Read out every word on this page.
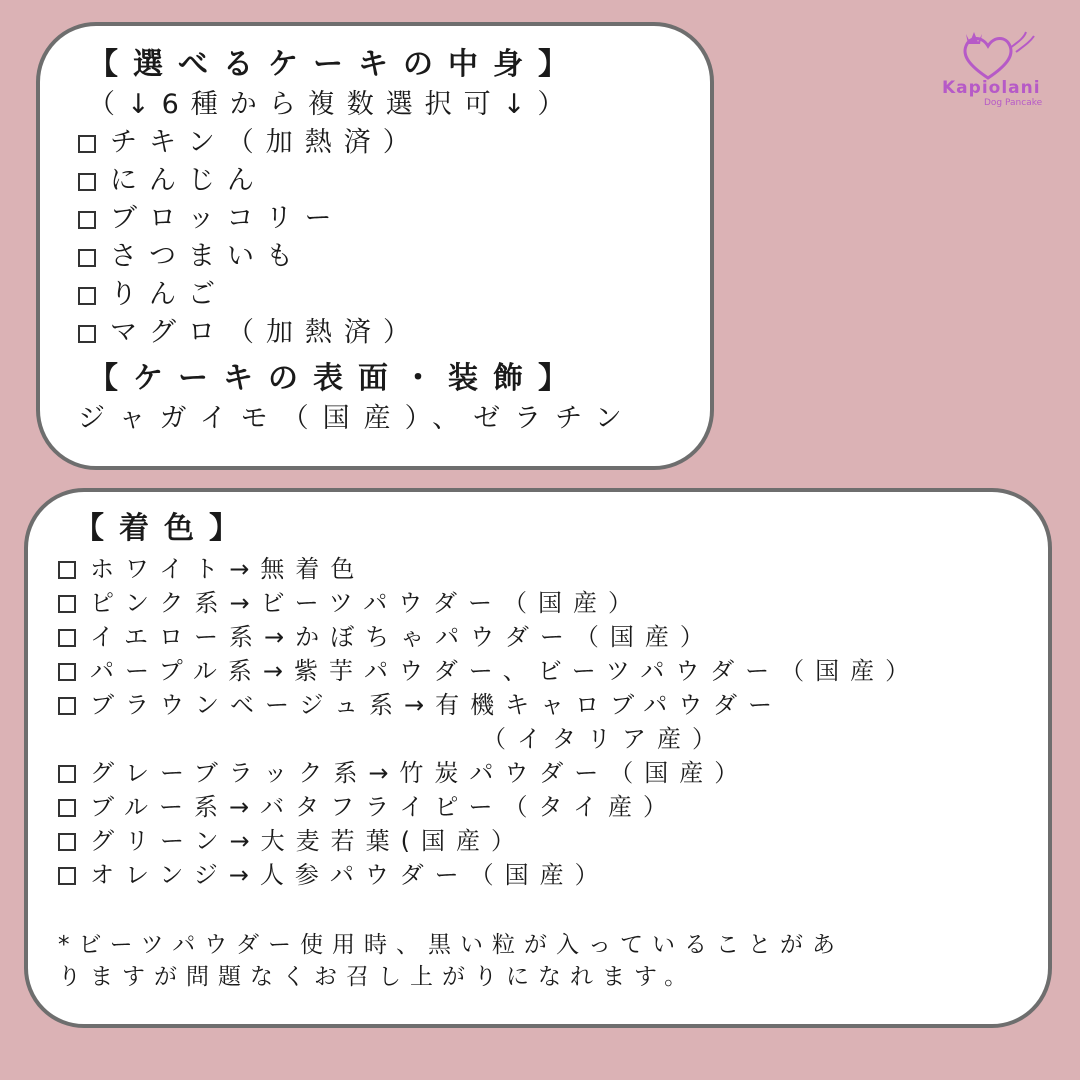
Kapiolani
Dog Pancake
【選べるケーキの中身】
（↓6種から複数選択可↓）
チキン（加熱済）
にんじん
ブロッコリー
さつまいも
りんご
マグロ（加熱済）
【ケーキの表面・装飾】
ジャガイモ（国産）、ゼラチン
【着色】
ホワイト→無着色
ピンク系→ビーツパウダー（国産）
イエロー系→かぼちゃパウダー（国産）
パープル系→紫芋パウダー、ビーツパウダー（国産）
ブラウンベージュ系→有機キャロブパウダー
（イタリア産）
グレーブラック系→竹炭パウダー（国産）
ブルー系→バタフライピー（タイ産）
グリーン→大麦若葉(国産）
オレンジ→人参パウダー（国産）
*ビーツパウダー使用時、黒い粒が入っていることがあ
りますが問題なくお召し上がりになれます。
